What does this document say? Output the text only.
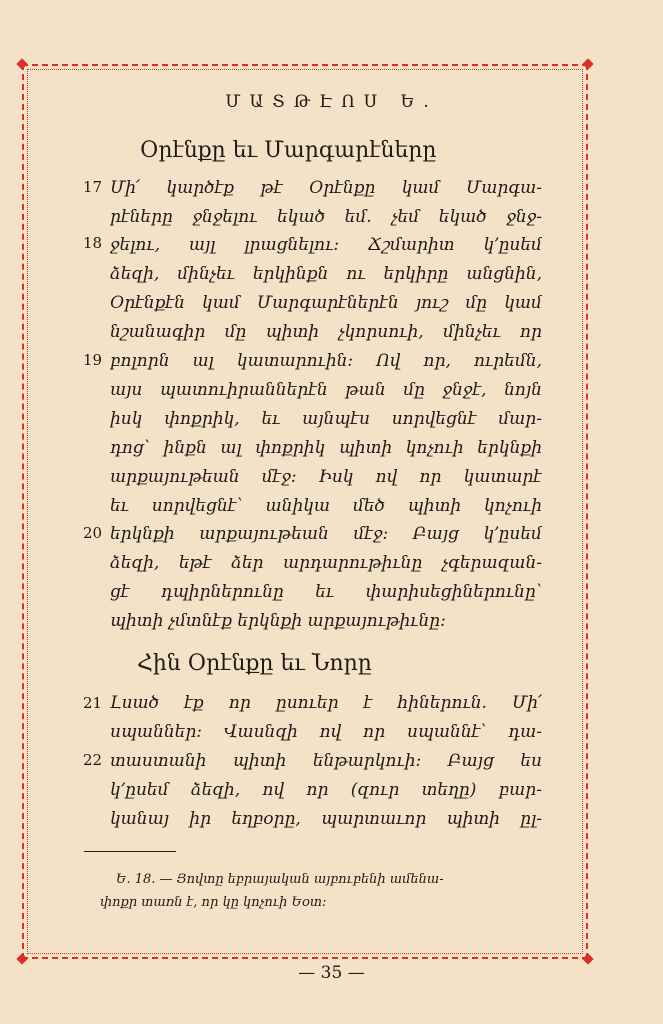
ՄԱՏԹԷՈՍ Ե.
Օրէնքը եւ Մարգարէները
17
18
19
20
Մի՛ կարծէք թէ Օրէնքը կամ Մարգա-
րէները ջնջելու եկած եմ. չեմ եկած ջնջ-
ջելու, այլ լրացնելու: Ճշմարիտ կ՚ըսեմ
ձեզի, մինչեւ երկինքն ու երկիրը անցնին,
Օրէնքէն կամ Մարգարէներէն յուշ մը կամ
նշանագիր մը պիտի չկորսուի, մինչեւ որ
բոլորն ալ կատարուին: Ով որ, ուրեմն,
այս պատուիրաններէն թան մը ջնջէ, նոյն
իսկ փոքրիկ, եւ այնպէս սորվեցնէ մար-
դոց՝ ինքն ալ փոքրիկ պիտի կոչուի երկնքի
արքայութեան մէջ: Իսկ ով որ կատարէ
եւ սորվեցնէ՝ անիկա մեծ պիտի կոչուի
երկնքի արքայութեան մէջ: Բայց կ՚ըսեմ
ձեզի, եթէ ձեր արդարութիւնը չգերազան-
ցէ դպիրներունը եւ փարիսեցիներունը՝
պիտի չմտնէք երկնքի արքայութիւնը:
Հին Օրէնքը եւ Նորը
21
22
Լսած էք որ ըսուեր է հիներուն. Մի՛
սպաններ: Վասնզի ով որ սպաննէ՝ դա-
տաստանի պիտի ենթարկուի: Բայց ես
կ՚ըսեմ ձեզի, ով որ (զուր տեղը) բար-
կանայ իր եղբօրը, պարտաւոր պիտի ըլ-
Ե. 18. — Յովտը եբրայական այբուբենի ամենա-
փոքր տառն է, որ կը կոչուի Եօտ:
— 35 —
